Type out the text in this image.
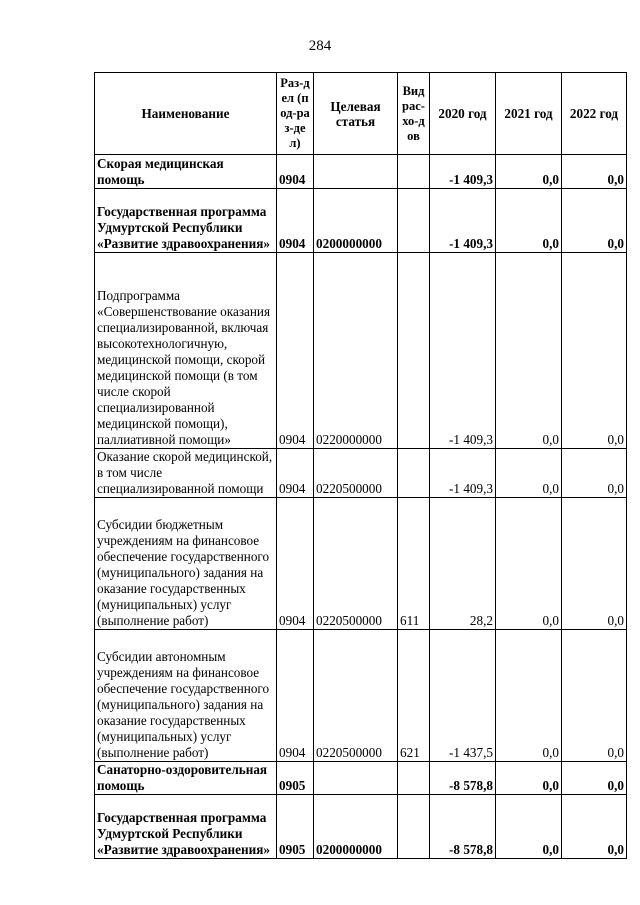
284
Наименование	Раз-дел (под-раз-дел)	Целевая статья	Вид рас-хо-дов	2020 год	2021 год	2022 год
Скорая медицинская помощь	0904			-1 409,3	0,0	0,0
Государственная программа Удмуртской Республики «Развитие здравоохранения»	0904	0200000000		-1 409,3	0,0	0,0
Подпрограмма «Совершенствование оказания специализированной, включая высокотехнологичную, медицинской помощи, скорой медицинской помощи (в том числе скорой специализированной медицинской помощи), паллиативной помощи»	0904	0220000000		-1 409,3	0,0	0,0
Оказание скорой медицинской, в том числе специализированной помощи	0904	0220500000		-1 409,3	0,0	0,0
Субсидии бюджетным учреждениям на финансовое обеспечение государственного (муниципального) задания на оказание государственных (муниципальных) услуг (выполнение работ)	0904	0220500000	611	28,2	0,0	0,0
Субсидии автономным учреждениям на финансовое обеспечение государственного (муниципального) задания на оказание государственных (муниципальных) услуг (выполнение работ)	0904	0220500000	621	-1 437,5	0,0	0,0
Санаторно-оздоровительная помощь	0905			-8 578,8	0,0	0,0
Государственная программа Удмуртской Республики «Развитие здравоохранения»	0905	0200000000		-8 578,8	0,0	0,0
